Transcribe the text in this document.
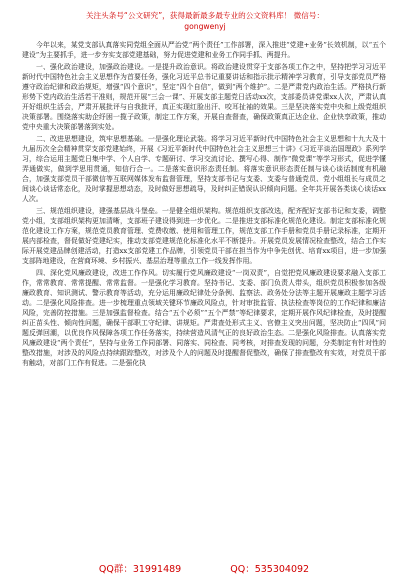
关注头条号“公文研究”，获得最新最多最专业的公文资料库！ 微信号：
gongwenyj

今年以来，某党支部认真落实同党组全面从严治党“两个责任”工作部署，深入推进“党建+业务”长效机制，以“五个建设”为主要抓手，进一步夯实支部党建基础，努力促进党建和业务工作同手抓、两提升。

一、强化政治建设，加强政治建设。一是提升政治意识。将政治建设贯穿于支部各项工作之中，坚持把学习习近平新时代中国特色社会主义思想作为首要任务，强化习近平总书记重要讲话和指示批示精神学习教育，引导支部党员严格遵守政治纪律和政治规矩，增强“四个意识”，坚定“四个自信”，做到“两个维护”。二是严肃党内政治生活。严格执行新形势下党内政治生活若干准则，规范开展“三会一课”、开展支部主题党日活动xx次，支部委员讲党课xx人次，严肃认真开好组织生活会，严肃开展批评与自我批评，真正实现红脸出汗、咬耳扯袖的效果。三是坚决落实党中央和上级党组织决策部署。围绕落实助企纾困一揽子政策，制定工作方案，开展自查督查，确保政策真正达企业、企业快享政策，推动党中央重大决策部署落到实处。

二、改进思想建设，筑牢思想基础。一是强化理论武装。将学习习近平新时代中国特色社会主义思想和十九大及十九届历次全会精神贯穿支部党建始终，开展《习近平新时代中国特色社会主义思想三十讲》《习近平谈治国理政》系列学习，综合运用主题党日集中学、个人自学、专题研讨、学习交流讨论、撰写心得、制作“微党课”等学习形式，促进学懂弄通做实，做到学思用贯通，知信行合一。二是落实意识形态责任制。将落实意识形态责任制与谈心谈话制度有机融合，加强支部党员干部微信等互联网媒体发布监督管理，坚持支部书记与支委、支委与普通党员、党小组组长与成员之间谈心谈话常态化，及时掌握思想动态，及时做好思想疏导，及时纠正错误认识倾向问题。全年共开展各类谈心谈话xx人次。

三、规范组织建设，建强基层战斗堡垒。一是健全组织架构。规范组织支部改选，配齐配好支部书记和支委，调整党小组，支部组织架构更加清晰，支部班子建设得到进一步优化。二是推进支部标准化规范化建设。制定支部标准化规范化建设工作方案，规范党员教育管理、党费收缴、使用和管理工作，规范支部工作手册和党员手册记录标准，定期开展内部检查，督促做好党建纪实，推动支部党建规范化标准化水平不断提升。开展党员发展情况检查整改，结合工作实际开展党建品牌创建活动，打造xx支部党建工作品牌，引领党员干部在担当作为中争先创优、培育xx项目，进一步加强支部阵地建设，在营商环境、乡村振兴、基层治理等重点工作一线发挥作用。

四、深化党风廉政建设，改进工作作风。切实履行党风廉政建设“一岗双责”，自觉把党风廉政建设要求融入支部工作，常常教育、常常提醒、常常监督。一是强化学习教育。坚持书记、支委、部门负责人带头，组织党员积极参加各级廉政教育、知识测试、警示教育等活动，充分运用廉政纪律处分条例、监察法、政务处分法等主题开展廉政主题学习活动。二是强化风险排查。进一步梳理重点领域关键环节廉政风险点，针对审批监管、执法检查等岗位的工作纪律和廉洁风险，完善防控措施。三是加强监督检查。结合“五个必须”“五个严禁”等纪律要求，定期开展作风纪律检查，及时提醒纠正苗头性、倾向性问题，确保干部职工守纪律、讲规矩。严肃查处形式主义、官僚主义突出问题，坚决防止“四风”问题反弹回潮，以优良作风保障各项工作任务落实，持续营造风清气正的良好政治生态。二是强化风险排查。认真落实党风廉政建设“两个责任”，坚持与业务工作同部署、同落实、同检查、同考核，对排查发现的问题，分类制定有针对性的整改措施，对涉及的风险点持续跟踪整改，对涉及个人的问题及时提醒督促整改，确保了排查整改有实效，对党员干部有触动，对部门工作有促进。二是强化执

QQ群：31991489	QQ：535304092
